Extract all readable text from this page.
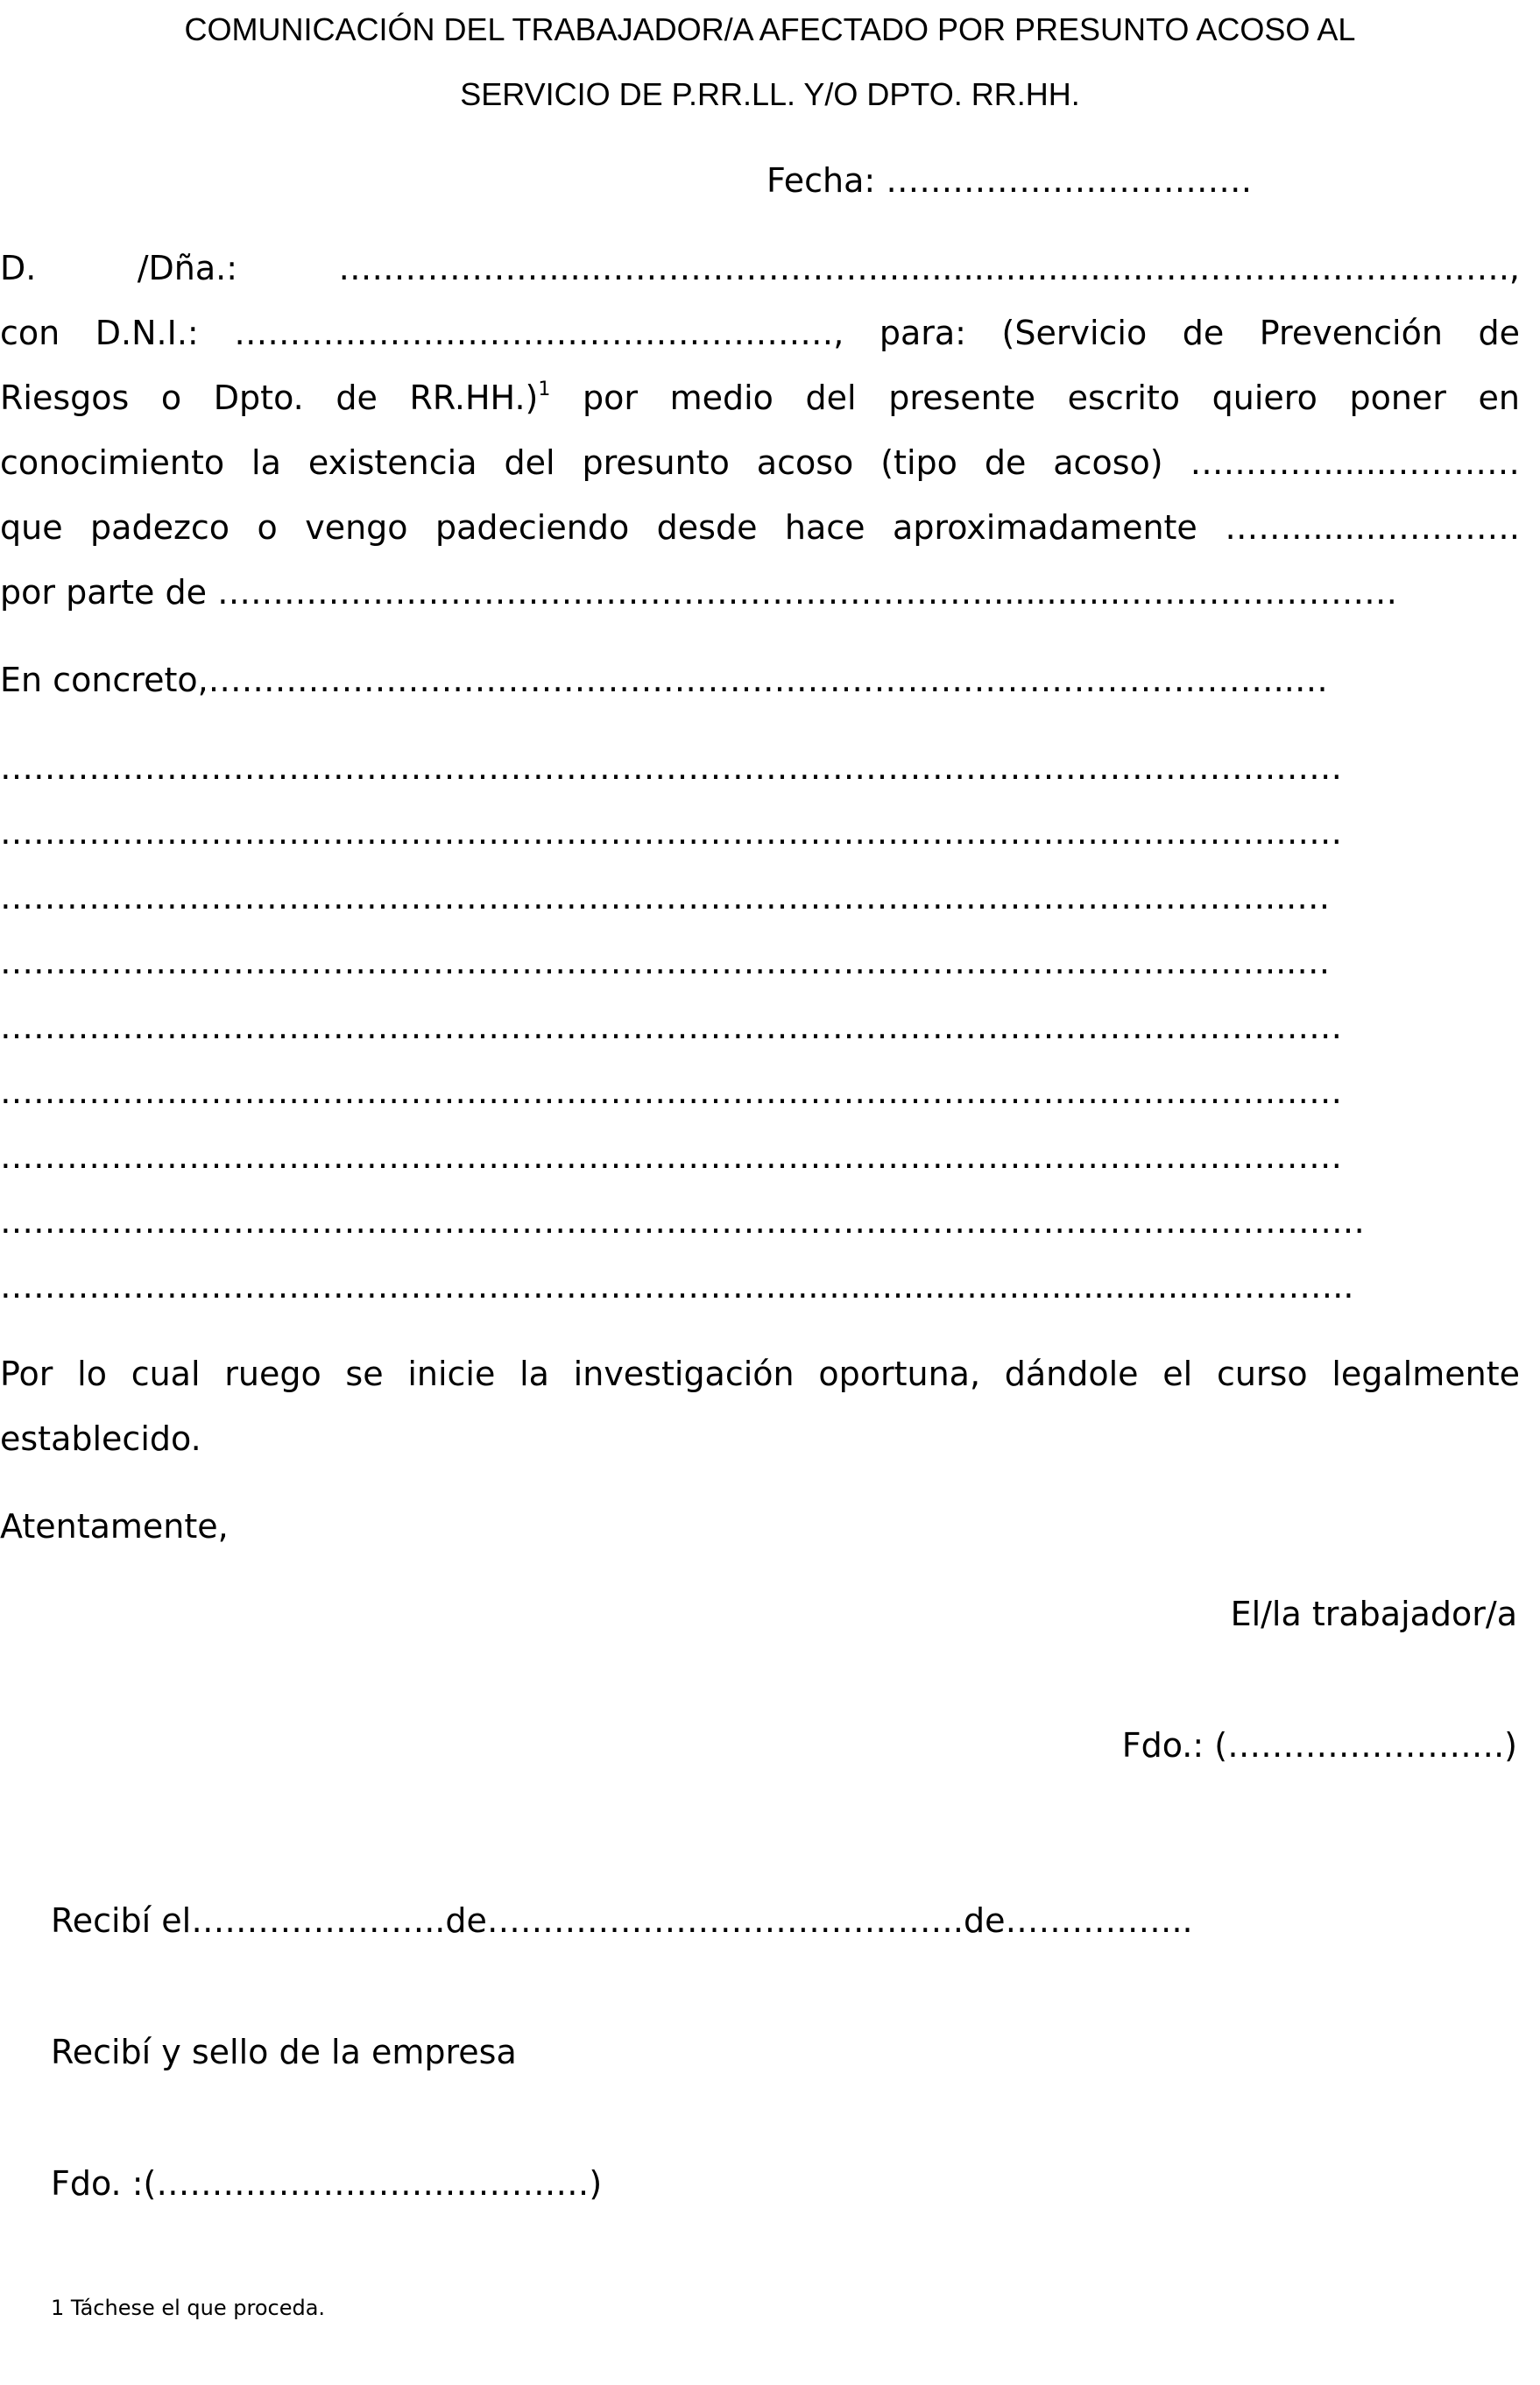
COMUNICACIÓN DEL TRABAJADOR/A AFECTADO POR PRESUNTO ACOSO AL
SERVICIO DE P.RR.LL. Y/O DPTO. RR.HH.
Fecha: ……………………………
D. /Dña.: ………………......…………………….........................…………………………….,
con D.N.I.: ………………………………………………, para: (Servicio de Prevención de
Riesgos o Dpto. de RR.HH.)$^1$ por medio del presente escrito quiero poner en
conocimiento la existencia del presunto acoso (tipo de acoso) …………......…………
que padezco o vengo padeciendo desde hace aproximadamente ……........………….
por parte de ……………………………………………………………..............……………………
En concreto,……………………………………………………………………………………..…
…………………………………………………………………………………………………….……
…………………………………………………………………………………………………….……
……………………………………………………………………………………………………...…
……………………………………………………………………………………………………...…
…………………………………………………………………………………………………….……
…………………………………………………………………………………………………….……
…………………………………………………………………………………………………….……
……………………………………………………………………………………………………………
…………………………………………………………….........................................…………..
Por lo cual ruego se inicie la investigación oportuna, dándole el curso legalmente
establecido.
Atentamente,
El/la trabajador/a
Fdo.: (…………………….)
Recibí el…………………..de…………………………………….de……………..
Recibí y sello de la empresa
Fdo. :(…………………………………)
1 Táchese el que proceda.
